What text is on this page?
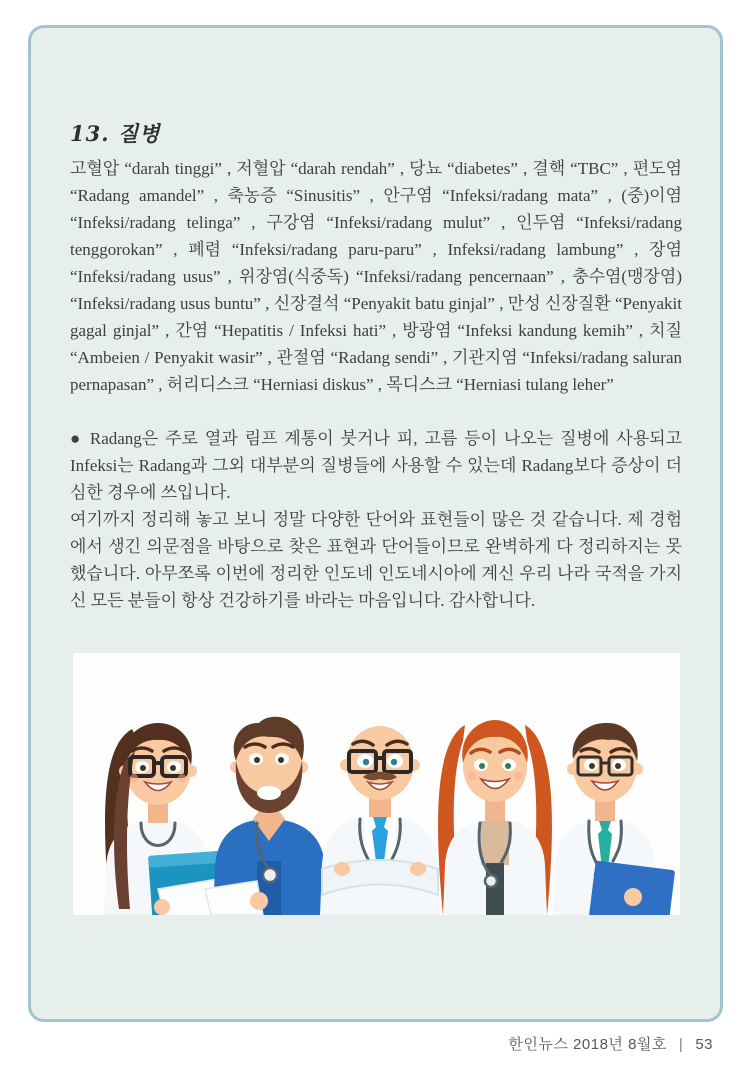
13. 질병

고혈압 “darah tinggi” , 저혈압 “darah rendah” , 당뇨 “diabetes” , 결핵 “TBC” , 편도염 “Radang amandel” , 축농증 “Sinusitis” , 안구염 “Infeksi/radang mata” , (중)이염 “Infeksi/radang telinga” , 구강염 “Infeksi/radang mulut” , 인두염 “Infeksi/radang tenggorokan” , 폐렴 “Infeksi/radang paru-paru” , Infeksi/radang lambung” , 장염 “Infeksi/radang usus” , 위장염(식중독) “Infeksi/radang pencernaan” , 충수염(맹장염) “Infeksi/radang usus buntu” , 신장결석 “Penyakit batu ginjal” , 만성 신장질환 “Penyakit gagal ginjal” , 간염 “Hepatitis / Infeksi hati” , 방광염 “Infeksi kandung kemih” , 치질 “Ambeien / Penyakit wasir” , 관절염 “Radang sendi” , 기관지염 “Infeksi/radang saluran pernapasan” , 허리디스크 “Herniasi diskus” , 목디스크 “Herniasi tulang leher”

● Radang은 주로 열과 림프 계통이 붓거나 피, 고름 등이 나오는 질병에 사용되고 Infeksi는 Radang과 그외 대부분의 질병들에 사용할 수 있는데 Radang보다 증상이 더 심한 경우에 쓰입니다.

여기까지 정리해 놓고 보니 정말 다양한 단어와 표현들이 많은 것 같습니다. 제 경험에서 생긴 의문점을 바탕으로 찾은 표현과 단어들이므로 완벽하게 다 정리하지는 못했습니다. 아무쪼록 이번에 정리한 인도네 인도네시아에 계신 우리 나라 국적을 가지신 모든 분들이 항상 건강하기를 바라는 마음입니다. 감사합니다.

한인뉴스 2018년 8월호 | 53
